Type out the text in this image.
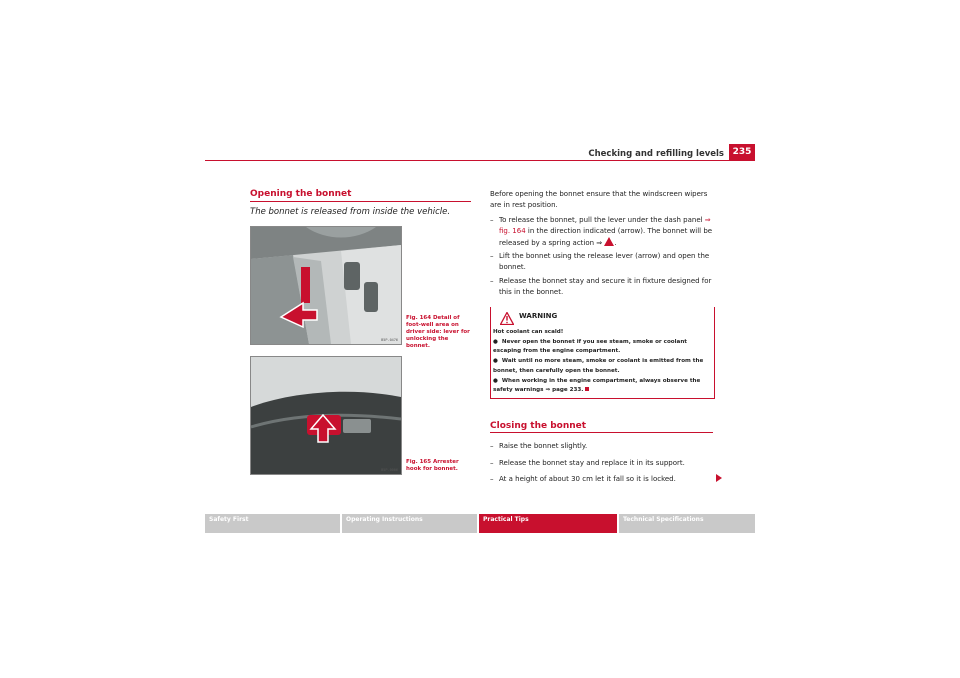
Checking and refilling levels 235
Opening the bonnet
The bonnet is released from inside the vehicle.
B5P-0476
Fig. 164 Detail of foot-well area on driver side: lever for unlocking the bonnet.
B5P-0006
Fig. 165 Arrester hook for bonnet.
Before opening the bonnet ensure that the windscreen wipers are in rest position.
– To release the bonnet, pull the lever under the dash panel ⇒ fig. 164 in the direction indicated (arrow). The bonnet will be released by a spring action ⇒ .
– Lift the bonnet using the release lever (arrow) and open the bonnet.
– Release the bonnet stay and secure it in fixture designed for this in the bonnet.
WARNING
Hot coolant can scald!
● Never open the bonnet if you see steam, smoke or coolant escaping from the engine compartment.
● Wait until no more steam, smoke or coolant is emitted from the bonnet, then carefully open the bonnet.
● When working in the engine compartment, always observe the safety warnings ⇒ page 233.
Closing the bonnet
– Raise the bonnet slightly.
– Release the bonnet stay and replace it in its support.
– At a height of about 30 cm let it fall so it is locked.
Safety First	Operating Instructions	Practical Tips	Technical Specifications
